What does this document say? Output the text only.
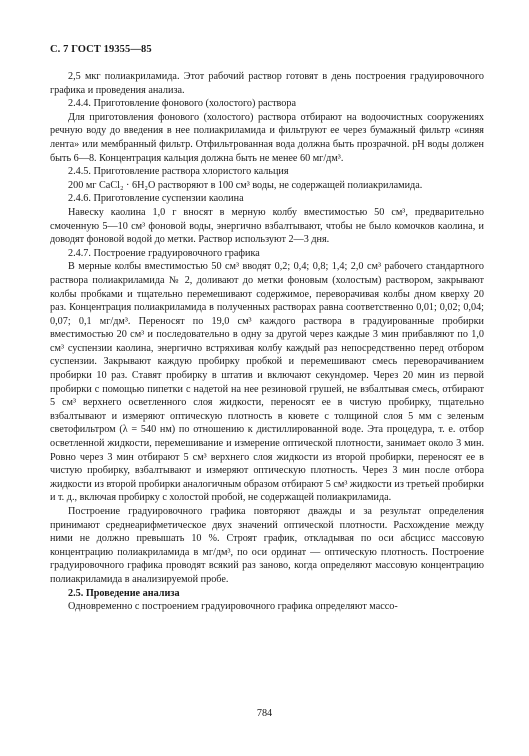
С. 7 ГОСТ 19355—85

2,5 мкг полиакриламида. Этот рабочий раствор готовят в день построения градуировочного графика и проведения анализа.

2.4.4. Приготовление фонового (холостого) раствора

Для приготовления фонового (холостого) раствора отбирают на водоочистных сооружениях речную воду до введения в нее полиакриламида и фильтруют ее через бумажный фильтр «синяя лента» или мембранный фильтр. Отфильтрованная вода должна быть прозрачной. pH воды должен быть 6—8. Концентрация кальция должна быть не менее 60 мг/дм³.

2.4.5. Приготовление раствора хлористого кальция

200 мг CaCl₂ · 6H₂O растворяют в 100 см³ воды, не содержащей полиакриламида.

2.4.6. Приготовление суспензии каолина

Навеску каолина 1,0 г вносят в мерную колбу вместимостью 50 см³, предварительно смоченную 5—10 см³ фоновой воды, энергично взбалтывают, чтобы не было комочков каолина, и доводят фоновой водой до метки. Раствор используют 2—3 дня.

2.4.7. Построение градуировочного графика

В мерные колбы вместимостью 50 см³ вводят 0,2; 0,4; 0,8; 1,4; 2,0 см³ рабочего стандартного раствора полиакриламида № 2, доливают до метки фоновым (холостым) раствором, закрывают колбы пробками и тщательно перемешивают содержимое, переворачивая колбы дном кверху 20 раз. Концентрация полиакриламида в полученных растворах равна соответственно 0,01; 0,02; 0,04; 0,07; 0,1 мг/дм³. Переносят по 19,0 см³ каждого раствора в градуированные пробирки вместимостью 20 см³ и последовательно в одну за другой через каждые 3 мин прибавляют по 1,0 см³ суспензии каолина, энергично встряхивая колбу каждый раз непосредственно перед отбором суспензии. Закрывают каждую пробирку пробкой и перемешивают смесь переворачиванием пробирки 10 раз. Ставят пробирку в штатив и включают секундомер. Через 20 мин из первой пробирки с помощью пипетки с надетой на нее резиновой грушей, не взбалтывая смесь, отбирают 5 см³ верхнего осветленного слоя жидкости, переносят ее в чистую пробирку, тщательно взбалтывают и измеряют оптическую плотность в кювете с толщиной слоя 5 мм с зеленым светофильтром (λ = 540 нм) по отношению к дистиллированной воде. Эта процедура, т. е. отбор осветленной жидкости, перемешивание и измерение оптической плотности, занимает около 3 мин. Ровно через 3 мин отбирают 5 см³ верхнего слоя жидкости из второй пробирки, переносят ее в чистую пробирку, взбалтывают и измеряют оптическую плотность. Через 3 мин после отбора жидкости из второй пробирки аналогичным образом отбирают 5 см³ жидкости из третьей пробирки и т. д., включая пробирку с холостой пробой, не содержащей полиакриламида.

Построение градуировочного графика повторяют дважды и за результат определения принимают среднеарифметическое двух значений оптической плотности. Расхождение между ними не должно превышать 10 %. Строят график, откладывая по оси абсцисс массовую концентрацию полиакриламида в мг/дм³, по оси ординат — оптическую плотность. Построение градуировочного графика проводят всякий раз заново, когда определяют массовую концентрацию полиакриламида в анализируемой пробе.

2.5. Проведение анализа

Одновременно с построением градуировочного графика определяют массо-

784
